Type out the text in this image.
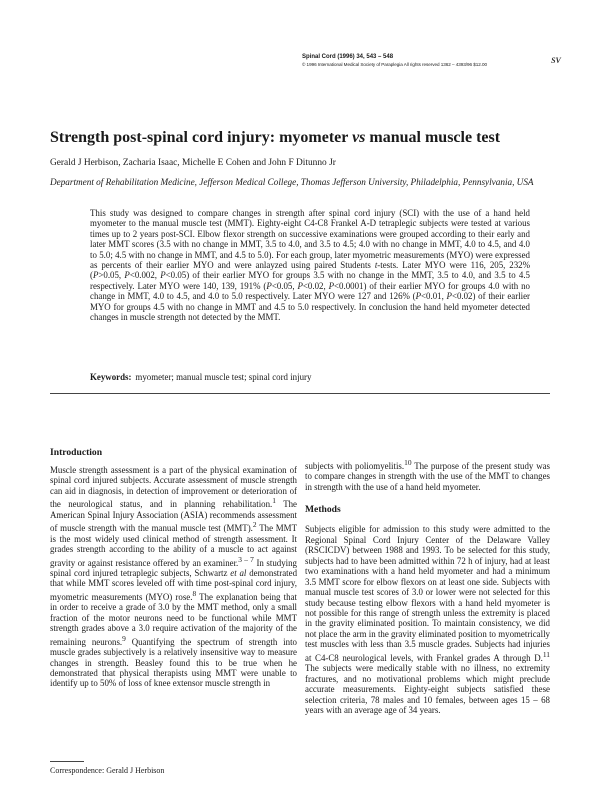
Spinal Cord (1996) 34, 543 – 548
© 1996 International Medical Society of Paraplegia All rights reserved 1362 – 4393/96 $12.00	SV
Strength post-spinal cord injury: myometer vs manual muscle test
Gerald J Herbison, Zacharia Isaac, Michelle E Cohen and John F Ditunno Jr
Department of Rehabilitation Medicine, Jefferson Medical College, Thomas Jefferson University, Philadelphia, Pennsylvania, USA

This study was designed to compare changes in strength after spinal cord injury (SCI) with the use of a hand held myometer to the manual muscle test (MMT). Eighty-eight C4-C8 Frankel A-D tetraplegic subjects were tested at various times up to 2 years post-SCI. Elbow flexor strength on successive examinations were grouped according to their early and later MMT scores (3.5 with no change in MMT, 3.5 to 4.0, and 3.5 to 4.5; 4.0 with no change in MMT, 4.0 to 4.5, and 4.0 to 5.0; 4.5 with no change in MMT, and 4.5 to 5.0). For each group, later myometric measurements (MYO) were expressed as percents of their earlier MYO and were anlayzed using paired Students t-tests. Later MYO were 116, 205, 232% (P>0.05, P<0.002, P<0.05) of their earlier MYO for groups 3.5 with no change in the MMT, 3.5 to 4.0, and 3.5 to 4.5 respectively. Later MYO were 140, 139, 191% (P<0.05, P<0.02, P<0.0001) of their earlier MYO for groups 4.0 with no change in MMT, 4.0 to 4.5, and 4.0 to 5.0 respectively. Later MYO were 127 and 126% (P<0.01, P<0.02) of their earlier MYO for groups 4.5 with no change in MMT and 4.5 to 5.0 respectively. In conclusion the hand held myometer detected changes in muscle strength not detected by the MMT.

Keywords: myometer; manual muscle test; spinal cord injury
Introduction

Muscle strength assessment is a part of the physical examination of spinal cord injured subjects. Accurate assessment of muscle strength can aid in diagnosis, in detection of improvement or deterioration of the neurological status, and in planning rehabilitation.$^1$ The American Spinal Injury Association (ASIA) recommends assessment of muscle strength with the manual muscle test (MMT).$^2$ The MMT is the most widely used clinical method of strength assessment. It grades strength according to the ability of a muscle to act against gravity or against resistance offered by an examiner.$^{3 - 7}$ In studying spinal cord injured tetraplegic subjects, Schwartz et al demonstrated that while MMT scores leveled off with time post-spinal cord injury, myometric measurements (MYO) rose.$^8$ The explanation being that in order to receive a grade of 3.0 by the MMT method, only a small fraction of the motor neurons need to be functional while MMT strength grades above a 3.0 require activation of the majority of the remaining neurons.$^9$ Quantifying the spectrum of strength into muscle grades subjectively is a relatively insensitive way to measure changes in strength. Beasley found this to be true when he demonstrated that physical therapists using MMT were unable to identify up to 50% of loss of knee extensor muscle strength in

subjects with poliomyelitis.$^{10}$ The purpose of the present study was to compare changes in strength with the use of the MMT to changes in strength with the use of a hand held myometer.

Methods

Subjects eligible for admission to this study were admitted to the Regional Spinal Cord Injury Center of the Delaware Valley (RSCICDV) between 1988 and 1993. To be selected for this study, subjects had to have been admitted within 72 h of injury, had at least two examinations with a hand held myometer and had a minimum 3.5 MMT score for elbow flexors on at least one side. Subjects with manual muscle test scores of 3.0 or lower were not selected for this study because testing elbow flexors with a hand held myometer is not possible for this range of strength unless the extremity is placed in the gravity eliminated position. To maintain consistency, we did not place the arm in the gravity eliminated position to myometrically test muscles with less than 3.5 muscle grades. Subjects had injuries at C4-C8 neurological levels, with Frankel grades A through D.$^{11}$ The subjects were medically stable with no illness, no extremity fractures, and no motivational problems which might preclude accurate measurements. Eighty-eight subjects satisfied these selection criteria, 78 males and 10 females, between ages 15 – 68 years with an average age of 34 years.

Correspondence: Gerald J Herbison
